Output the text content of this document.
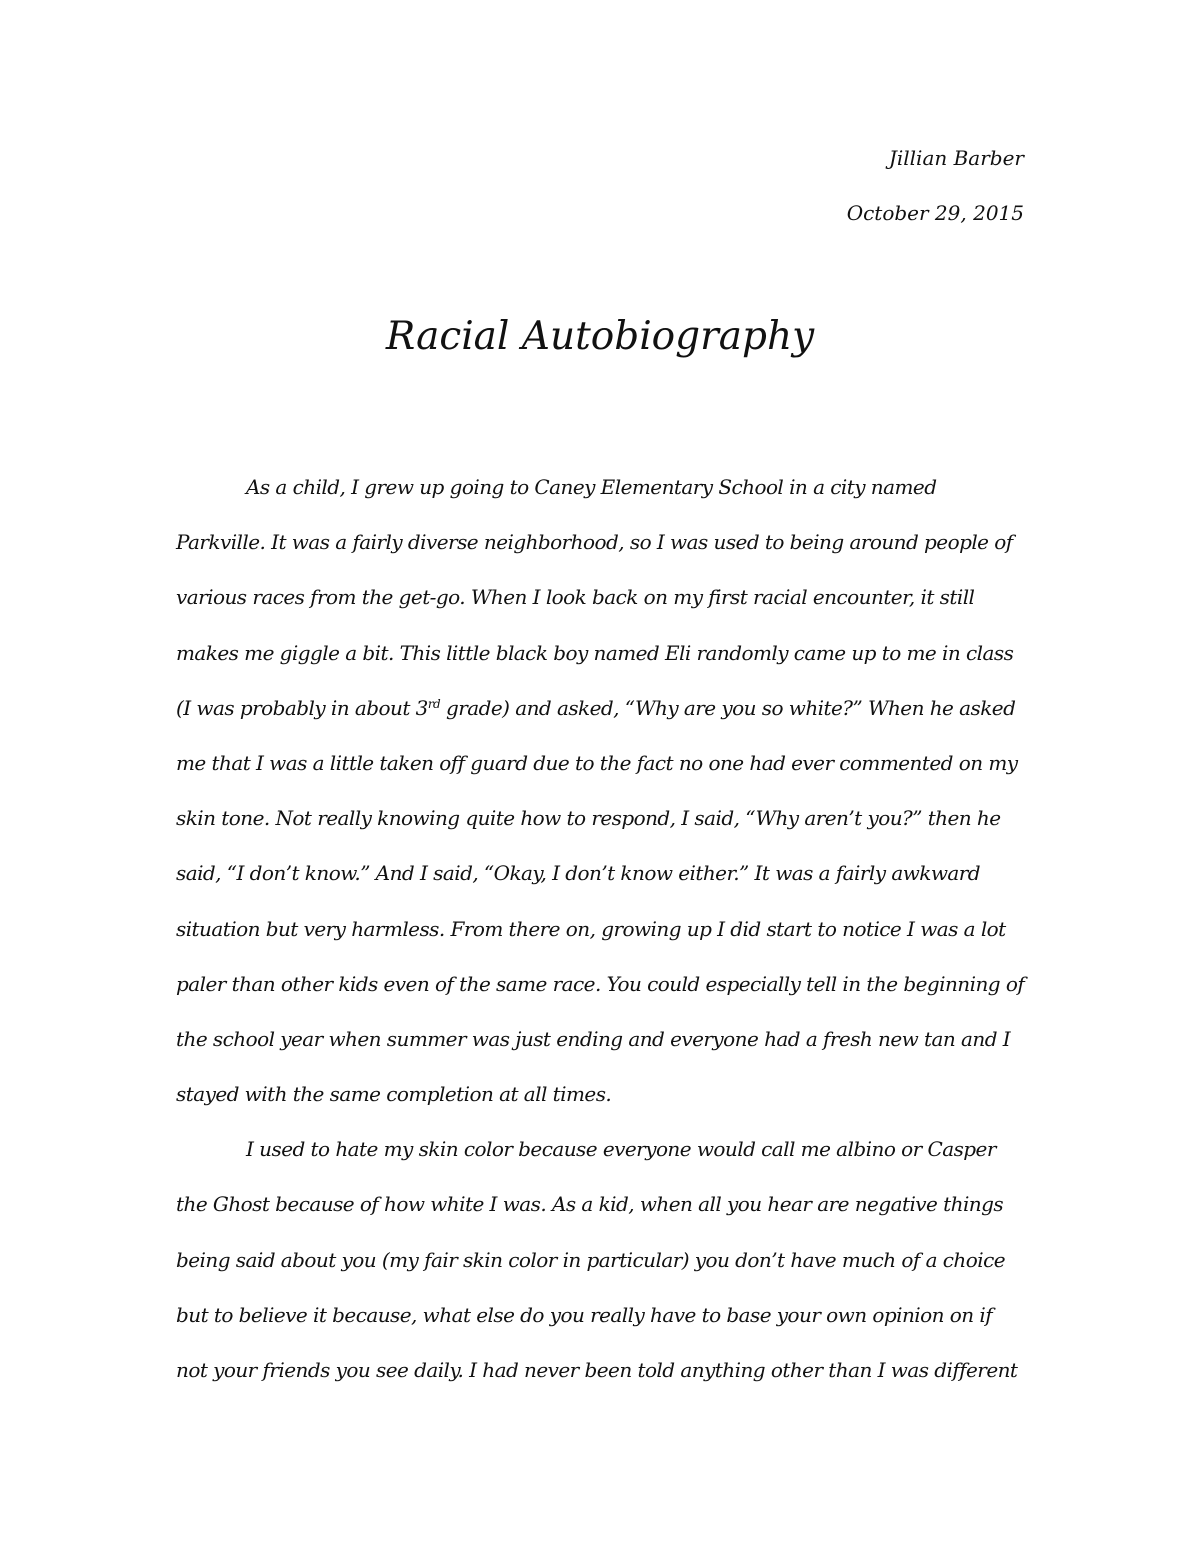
Jillian Barber
October 29, 2015
Racial Autobiography
As a child, I grew up going to Caney Elementary School in a city named
Parkville. It was a fairly diverse neighborhood, so I was used to being around people of
various races from the get-go. When I look back on my first racial encounter, it still
makes me giggle a bit. This little black boy named Eli randomly came up to me in class
(I was probably in about 3rd grade) and asked, “Why are you so white?” When he asked
me that I was a little taken off guard due to the fact no one had ever commented on my
skin tone. Not really knowing quite how to respond, I said, “Why aren’t you?” then he
said, “I don’t know.” And I said, “Okay, I don’t know either.” It was a fairly awkward
situation but very harmless. From there on, growing up I did start to notice I was a lot
paler than other kids even of the same race. You could especially tell in the beginning of
the school year when summer was just ending and everyone had a fresh new tan and I
stayed with the same completion at all times.
I used to hate my skin color because everyone would call me albino or Casper
the Ghost because of how white I was. As a kid, when all you hear are negative things
being said about you (my fair skin color in particular) you don’t have much of a choice
but to believe it because, what else do you really have to base your own opinion on if
not your friends you see daily. I had never been told anything other than I was different
